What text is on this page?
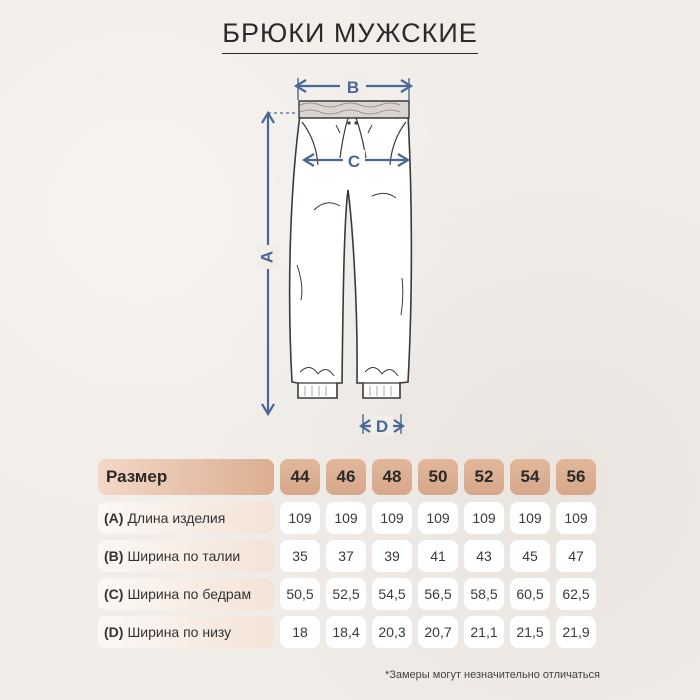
БРЮКИ МУЖСКИЕ
B
C
A
D
Размер	44	46	48	50	52	54	56
(A) Длина изделия	109	109	109	109	109	109	109
(B) Ширина по талии	35	37	39	41	43	45	47
(C) Ширина по бедрам	50,5	52,5	54,5	56,5	58,5	60,5	62,5
(D) Ширина по низу	18	18,4	20,3	20,7	21,1	21,5	21,9
*Замеры могут незначительно отличаться
